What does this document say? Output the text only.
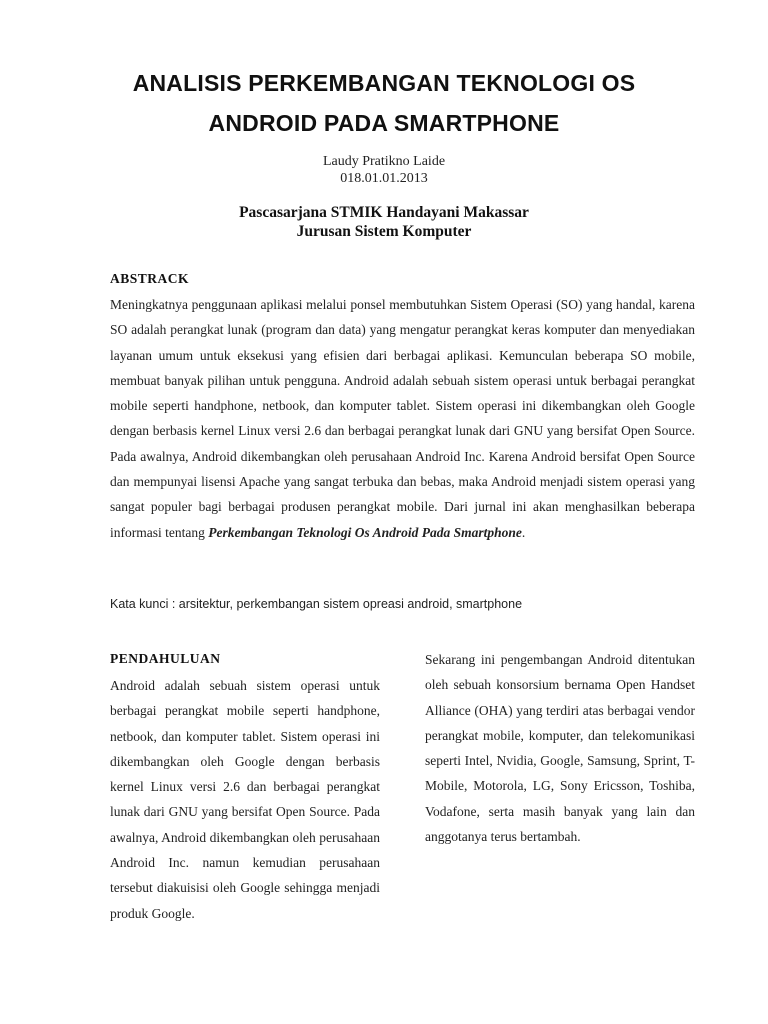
ANALISIS PERKEMBANGAN TEKNOLOGI OS
ANDROID PADA SMARTPHONE
Laudy Pratikno Laide
018.01.01.2013
Pascasarjana STMIK Handayani Makassar
Jurusan Sistem Komputer
ABSTRACK
Meningkatnya penggunaan aplikasi melalui ponsel membutuhkan Sistem Operasi (SO) yang handal, karena SO adalah perangkat lunak (program dan data) yang mengatur perangkat keras komputer dan menyediakan layanan umum untuk eksekusi yang efisien dari berbagai aplikasi. Kemunculan beberapa SO mobile, membuat banyak pilihan untuk pengguna. Android adalah sebuah sistem operasi untuk berbagai perangkat mobile seperti handphone, netbook, dan komputer tablet. Sistem operasi ini dikembangkan oleh Google dengan berbasis kernel Linux versi 2.6 dan berbagai perangkat lunak dari GNU yang bersifat Open Source. Pada awalnya, Android dikembangkan oleh perusahaan Android Inc. Karena Android bersifat Open Source dan mempunyai lisensi Apache yang sangat terbuka dan bebas, maka Android menjadi sistem operasi yang sangat populer bagi berbagai produsen perangkat mobile. Dari jurnal ini akan menghasilkan beberapa informasi tentang Perkembangan Teknologi Os Android Pada Smartphone.
Kata kunci : arsitektur, perkembangan sistem opreasi android, smartphone
PENDAHULUAN
Android adalah sebuah sistem operasi untuk berbagai perangkat mobile seperti handphone, netbook, dan komputer tablet. Sistem operasi ini dikembangkan oleh Google dengan berbasis kernel Linux versi 2.6 dan berbagai perangkat lunak dari GNU yang bersifat Open Source. Pada awalnya, Android dikembangkan oleh perusahaan Android Inc. namun kemudian perusahaan tersebut diakuisisi oleh Google sehingga menjadi produk Google.
Sekarang ini pengembangan Android ditentukan oleh sebuah konsorsium bernama Open Handset Alliance (OHA) yang terdiri atas berbagai vendor perangkat mobile, komputer, dan telekomunikasi seperti Intel, Nvidia, Google, Samsung, Sprint, T-Mobile, Motorola, LG, Sony Ericsson, Toshiba, Vodafone, serta masih banyak yang lain dan anggotanya terus bertambah.
